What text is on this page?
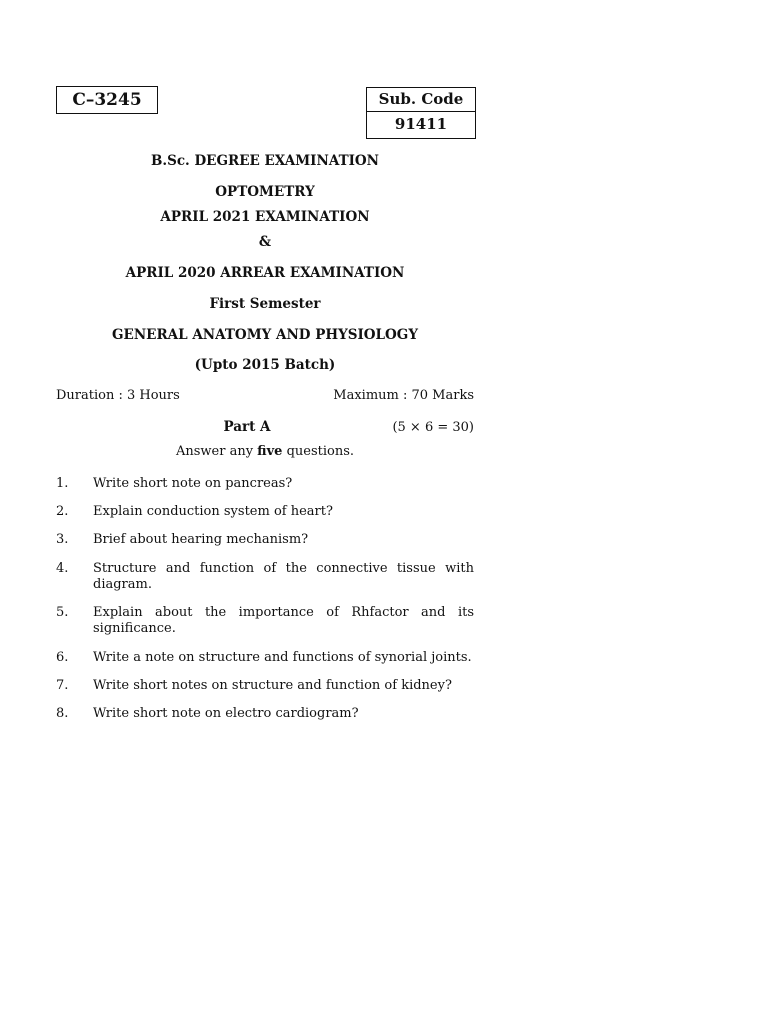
C–3245	Sub. Code
91411
B.Sc. DEGREE EXAMINATION
OPTOMETRY
APRIL 2021 EXAMINATION
&
APRIL 2020 ARREAR EXAMINATION
First Semester
GENERAL ANATOMY AND PHYSIOLOGY
(Upto 2015 Batch)
Duration : 3 Hours	Maximum : 70 Marks
Part A	(5 × 6 = 30)
Answer any five questions.
1. Write short note on pancreas?
2. Explain conduction system of heart?
3. Brief about hearing mechanism?
4. Structure and function of the connective tissue with diagram.
5. Explain about the importance of Rhfactor and its significance.
6. Write a note on structure and functions of synorial joints.
7. Write short notes on structure and function of kidney?
8. Write short note on electro cardiogram?
